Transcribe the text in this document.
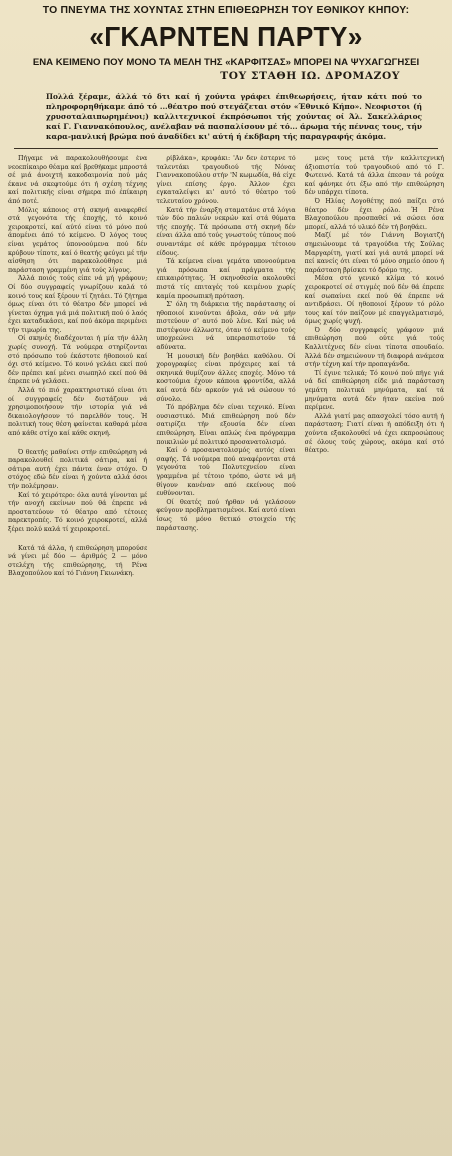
ΤΟ ΠΝΕΥΜΑ ΤΗΣ ΧΟΥΝΤΑΣ ΣΤΗΝ ΕΠΙΘΕΩΡΗΣΗ ΤΟΥ ΕΘΝΙΚΟΥ ΚΗΠΟΥ:
«ΓΚΑΡΝΤΕΝ ΠΑΡΤΥ»
ΕΝΑ ΚΕΙΜΕΝΟ ΠΟΥ ΜΟΝΟ ΤΑ ΜΕΛΗ ΤΗΣ «ΚΑΡΦΙΤΣΑΣ» ΜΠΟΡΕΙ ΝΑ ΨΥΧΑΓΩΓΗΣΕΙ
ΤΟΥ ΣΤΑΘΗ ΙΩ. ΔΡΟΜΑΖΟΥ
Πολλά ξέραμε, άλλά τό δτι καί ή χούντα γράφει έπιθεωρήσεις, ήταν κάτι πού το πληροφορηθήκαμε άπό τό ...θέατρο πού στεγάζεται στόν «Έθνικό Κήπο». Νεοφιστοι (ή χρυσοταλαιπωρημένοι;) καλλιτεχνικοί έκπρόσωποι τής χούντας οί Άλ. Σακελλάριος καί Γ. Γιαννακόπουλος, ανέλαβαν νά πασπαλίσουν μέ τό... άρωμα τής πέννας τους, τήν καρα-μανλική βρώμα πού άναδίδει κι' αύτή ή έκδβαρη τής παραγραφής άκόμα.

Πήγαμε νά παρακολουθήσουμε ένα νεοεπίκαιρο θέαμα καί βρεθήκαμε μπροστά σέ μιά άνοιχτή κακοδαιμονία πού μάς έκανε νά σκεφτούμε ότι ή σχέση τέχνης καί πολιτικής είναι σήμερα πιό έπίκαιρη άπό ποτέ.

Μόλις κάποιος στή σκηνή αναφερθεί στά γεγονότα τής έποχής, τό κοινό χειροκροτεί, καί αύτό είναι τό μόνο πού άπομένει άπό τό κείμενο. Ό λόγος τους είναι γεμάτος ύπονοούμενα πού δέν κρύβουν τίποτε, καί ό θεατής φεύγει μέ τήν αίσθηση ότι παρακολούθησε μιά παράσταση γραμμένη γιά τούς λίγους.

Άλλά ποιός τούς είπε νά μή γράφουν; Οί δύο συγγραφείς γνωρίζουν καλά τό κοινό τους καί ξέρουν τί ζητάει. Τό ζήτημα όμως είναι ότι τό θέατρο δέν μπορεί νά γίνεται όχημα γιά μιά πολιτική πού ό λαός έχει καταδικάσει, καί πού άκόμα περιμένει τήν τιμωρία της.

Οί σκηνές διαδέχονται ή μία τήν άλλη χωρίς συνοχή. Τά νούμερα στηρίζονται στό πρόσωπο τού έκάστοτε ήθοποιού καί όχι στό κείμενο. Τό κοινό γελάει εκεί πού δέν πρέπει καί μένει σιωπηλό εκεί πού θά έπρεπε νά γελάσει.

Άλλά τό πιό χαρακτηριστικό είναι ότι οί συγγραφείς δέν διστάζουν νά χρησιμοποιήσουν τήν ιστορία γιά νά δικαιολογήσουν τό παρελθόν τους. Ή πολιτική τους θέση φαίνεται καθαρά μέσα από κάθε στίχο καί κάθε σκηνή.

Ό θεατής μαθαίνει στήν επιθεώρηση νά παρακολουθεί πολιτικά σάτιρα, καί ή σάτιρα αυτή έχει πάντα έναν στόχο. Ό στόχος εδώ δέν είναι ή χούντα αλλά όσοι τήν πολέμησαν.

Καί τό χειρότερο: όλα αυτά γίνονται μέ τήν ανοχή εκείνων πού θά έπρεπε νά προστατεύουν τό θέατρο από τέτοιες παρεκτροπές. Τό κοινό χειροκροτεί, αλλά ξέρει πολύ καλά τί χειροκροτεί.

Κατά τά άλλα, ή επιθεώρηση μπορούσε νά γίνει μέ δύο — άριθμός 2 — μόνο στελέχη τής επιθεώρησης, τή Ρένα Βλαχοπούλου καί τό Γιάννη Γκιωνάκη.

ρίβλάκα», κρυφάκι: 'Αν δεν έστερνε τό ταλεντάκι τραγουδιού τής Νόνας Γιαννακοπούλου στήν 'Ν κωμωδία, θά είχε γίνει επίσης έργο. Άλλον έχει εγκαταλείψει κι' αυτό τό θέατρο τού τελευταίου χρόνου.

Κατά τήν έναρξη σταματάνε στά λόγια τών δύο παλιών νεκρών καί στά θύματα τής εποχής. Τά πρόσωπα στή σκηνή δέν είναι άλλα από τούς γνωστούς τύπους πού συναντάμε σέ κάθε πρόγραμμα τέτοιου είδους.

Τά κείμενα είναι γεμάτα υπονοούμενα γιά πρόσωπα καί πράγματα τής επικαιρότητας. Ή σκηνοθεσία ακολουθεί πιστά τίς επιταγές τού κειμένου χωρίς καμία προσωπική πρόταση.

Σ' όλη τη διάρκεια τής παράστασης οί ηθοποιοί κινούνται άβολα, σάν νά μήν πιστεύουν σ' αυτό πού λένε. Καί πώς νά πιστέψουν άλλωστε, όταν τό κείμενο τούς υποχρεώνει νά υπερασπιστούν τά αδύνατα.

Ή μουσική δέν βοηθάει καθόλου. Οί χορογραφίες είναι πρόχειρες καί τά σκηνικά θυμίζουν άλλες εποχές. Μόνο τά κοστούμια έχουν κάποια φροντίδα, αλλά καί αυτά δέν αρκούν γιά νά σώσουν τό σύνολο.

Τό πρόβλημα δέν είναι τεχνικό. Είναι ουσιαστικό. Μιά επιθεώρηση πού δέν σατιρίζει τήν εξουσία δέν είναι επιθεώρηση. Είναι απλώς ένα πρόγραμμα ποικιλιών μέ πολιτικό προσανατολισμό.

Καί ό προσανατολισμός αυτός είναι σαφής. Τά νούμερα πού αναφέρονται στά γεγονότα τού Πολυτεχνείου είναι γραμμένα μέ τέτοιο τρόπο, ώστε νά μή θίγουν κανέναν από εκείνους πού ευθύνονται.

Οί θεατές πού ήρθαν νά γελάσουν φεύγουν προβληματισμένοι. Καί αυτό είναι ίσως τό μόνο θετικό στοιχείο τής παράστασης.

μενς τους μετά τήν καλλιτεχνική άξιοπιστία τού τραγουδιού από τό Γ. Φωτεινό. Κατά τά άλλα έπεσαν τά ρούχα καί φάνηκε ότι έξω από τήν επιθεώρηση δέν υπάρχει τίποτα.

Ό Ηλίας Λογοθέτης πού παίζει στό θέατρο δέν έχει ρόλο. Ή Ρένα Βλαχοπούλου προσπαθεί νά σώσει όσα μπορεί, αλλά τό υλικό δέν τή βοηθάει.

Μαζί μέ τόν Γιάννη Βογιατζή σημειώνουμε τά τραγούδια τής Σούλας Μαργαρίτη, γιατί καί γιά αυτά μπορεί νά πεί κανείς ότι είναι τό μόνο σημείο όπου ή παράσταση βρίσκει τό δρόμο της.

Μέσα στό γενικό κλίμα τό κοινό χειροκροτεί σέ στιγμές πού δέν θά έπρεπε καί σωπαίνει εκεί πού θά έπρεπε νά αντιδράσει. Οί ηθοποιοί ξέρουν τό ρόλο τους καί τόν παίζουν μέ επαγγελματισμό, όμως χωρίς ψυχή.

Ό δύο συγγραφείς γράφουν μιά επιθεώρηση πού ούτε γιά τούς Καλλιτέχνες δέν είναι τίποτα σπουδαίο. Άλλά δέν σημειώνουν τή διαφορά ανάμεσα στήν τέχνη καί τήν προπαγάνδα.

Τί έγινε τελικά; Τό κοινό πού πήγε γιά νά δεί επιθεώρηση είδε μιά παράσταση γεμάτη πολιτικά μηνύματα, καί τά μηνύματα αυτά δέν ήταν εκείνα πού περίμενε.

Αλλά γιατί μας απασχολεί τόσο αυτή ή παράσταση; Γιατί είναι ή απόδειξη ότι ή χούντα εξακολουθεί νά έχει εκπροσώπους σέ όλους τούς χώρους, ακόμα καί στό θέατρο.
